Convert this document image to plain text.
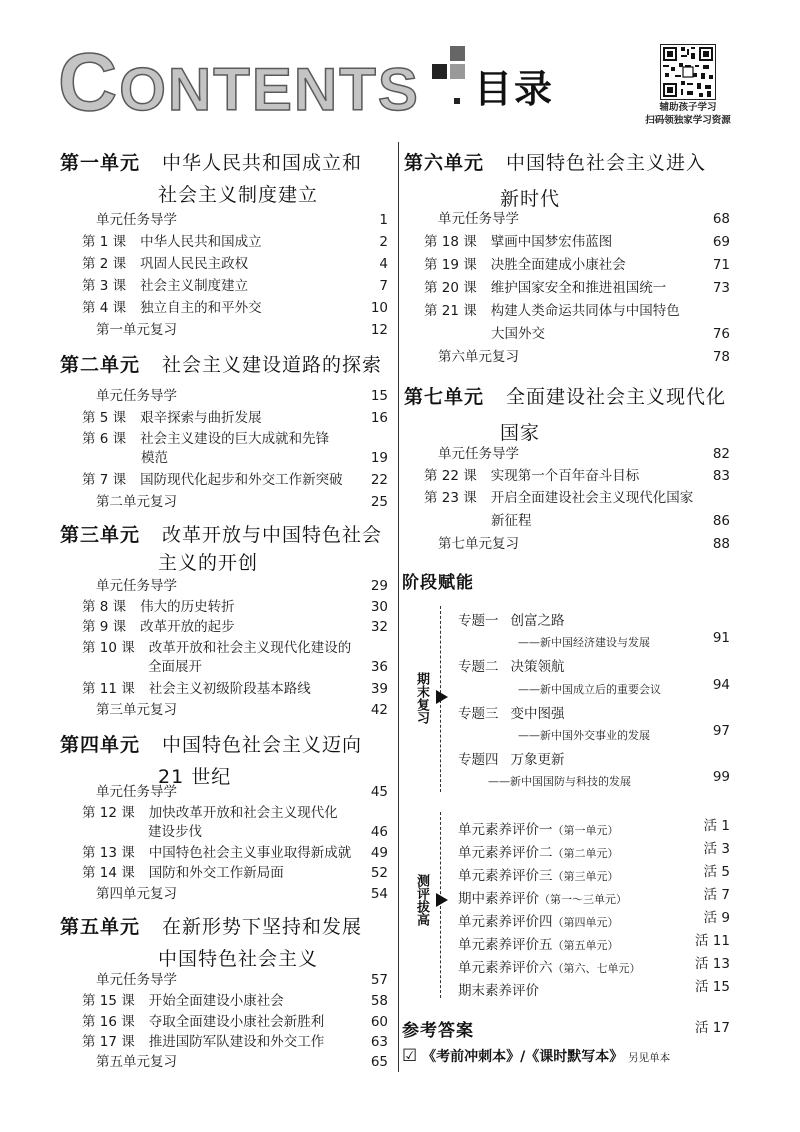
CONTENTS 目录	辅助孩子学习
扫码领独家学习资源
第一单元 中华人民共和国成立和
社会主义制度建立
单元任务导学	1
第 1 课 中华人民共和国成立	2
第 2 课 巩固人民民主政权	4
第 3 课 社会主义制度建立	7
第 4 课 独立自主的和平外交	10
第一单元复习	12
第二单元 社会主义建设道路的探索
单元任务导学	15
第 5 课 艰辛探索与曲折发展	16
第 6 课 社会主义建设的巨大成就和先锋
模范	19
第 7 课 国防现代化起步和外交工作新突破 22
第二单元复习	25
第三单元 改革开放与中国特色社会
主义的开创
单元任务导学	29
第 8 课 伟大的历史转折	30
第 9 课 改革开放的起步	32
第 10 课 改革开放和社会主义现代化建设的
全面展开	36
第 11 课 社会主义初级阶段基本路线	39
第三单元复习	42
第四单元 中国特色社会主义迈向
21 世纪
单元任务导学	45
第 12 课 加快改革开放和社会主义现代化
建设步伐	46
第 13 课 中国特色社会主义事业取得新成就 49
第 14 课 国防和外交工作新局面	52
第四单元复习	54
第五单元 在新形势下坚持和发展
中国特色社会主义
单元任务导学	57
第 15 课 开始全面建设小康社会	58
第 16 课 夺取全面建设小康社会新胜利	60
第 17 课 推进国防军队建设和外交工作	63
第五单元复习	65
第六单元 中国特色社会主义进入
新时代
单元任务导学	68
第 18 课 擘画中国梦宏伟蓝图	69
第 19 课 决胜全面建成小康社会	71
第 20 课 维护国家安全和推进祖国统一	73
第 21 课 构建人类命运共同体与中国特色
大国外交	76
第六单元复习	78
第七单元 全面建设社会主义现代化
国家
单元任务导学	82
第 22 课 实现第一个百年奋斗目标	83
第 23 课 开启全面建设社会主义现代化国家
新征程	86
第七单元复习	88
阶段赋能
期末复习
专题一 创富之路
——新中国经济建设与发展	91
专题二 决策领航
——新中国成立后的重要会议	94
专题三 变中图强
——新中国外交事业的发展	97
专题四 万象更新
——新中国国防与科技的发展	99
测评拔高
单元素养评价一（第一单元）	活 1
单元素养评价二（第二单元）	活 3
单元素养评价三（第三单元）	活 5
期中素养评价（第一～三单元）	活 7
单元素养评价四（第四单元）	活 9
单元素养评价五（第五单元）	活 11
单元素养评价六（第六、七单元）	活 13
期末素养评价	活 15
参考答案	活 17
☑ 《考前冲刺本》/《课时默写本》 另见单本
